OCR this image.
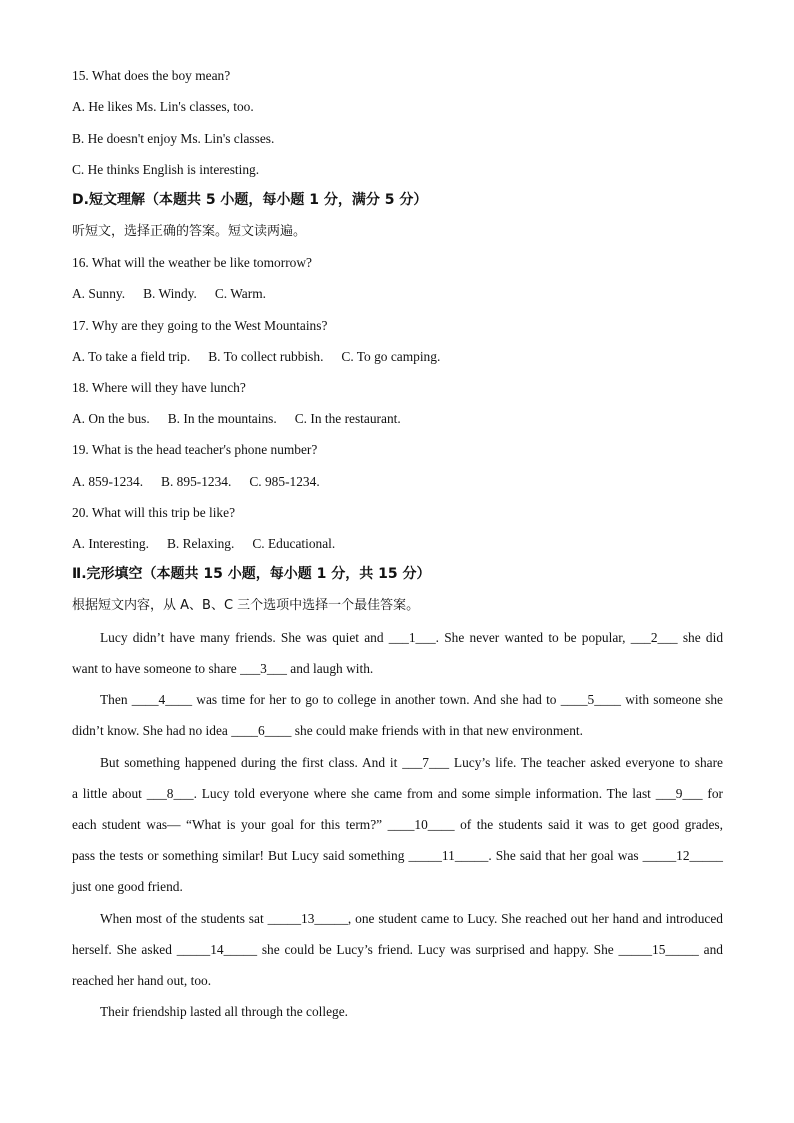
15. What does the boy mean?
A. He likes Ms. Lin's classes, too.
B. He doesn't enjoy Ms. Lin's classes.
C. He thinks English is interesting.
D.短文理解（本题共 5 小题，每小题 1 分，满分 5 分）
听短文，选择正确的答案。短文读两遍。
16. What will the weather be like tomorrow?
A. Sunny. B. Windy. C. Warm.
17. Why are they going to the West Mountains?
A. To take a field trip. B. To collect rubbish. C. To go camping.
18. Where will they have lunch?
A. On the bus. B. In the mountains. C. In the restaurant.
19. What is the head teacher's phone number?
A. 859-1234. B. 895-1234. C. 985-1234.
20. What will this trip be like?
A. Interesting. B. Relaxing. C. Educational.
Ⅱ.完形填空（本题共 15 小题，每小题 1 分，共 15 分）
根据短文内容，从 A、B、C 三个选项中选择一个最佳答案。
Lucy didn’t have many friends. She was quiet and ___1___. She never wanted to be popular, ___2___ she did
want to have someone to share ___3___ and laugh with.
Then ____4____ was time for her to go to college in another town. And she had to ____5____ with someone she
didn’t know. She had no idea ____6____ she could make friends with in that new environment.
But something happened during the first class. And it ___7___ Lucy’s life. The teacher asked everyone to share
a little about ___8___. Lucy told everyone where she came from and some simple information. The last ___9___ for
each student was— “What is your goal for this term?” ____10____ of the students said it was to get good grades,
pass the tests or something similar! But Lucy said something _____11_____. She said that her goal was _____12_____
just one good friend.
When most of the students sat _____13_____, one student came to Lucy. She reached out her hand and introduced
herself. She asked _____14_____ she could be Lucy’s friend. Lucy was surprised and happy. She _____15_____ and
reached her hand out, too.
Their friendship lasted all through the college.
